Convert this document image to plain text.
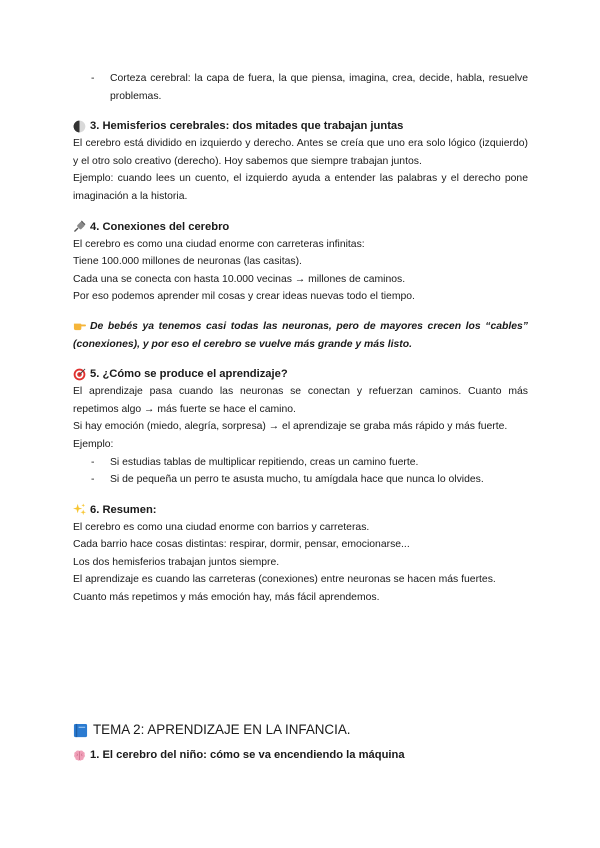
-	Corteza cerebral: la capa de fuera, la que piensa, imagina, crea, decide, habla, resuelve problemas.
3. Hemisferios cerebrales: dos mitades que trabajan juntas

El cerebro está dividido en izquierdo y derecho. Antes se creía que uno era solo lógico (izquierdo) y el otro solo creativo (derecho). Hoy sabemos que siempre trabajan juntos.

Ejemplo: cuando lees un cuento, el izquierdo ayuda a entender las palabras y el derecho pone imaginación a la historia.

4. Conexiones del cerebro

El cerebro es como una ciudad enorme con carreteras infinitas:

Tiene 100.000 millones de neuronas (las casitas).

Cada una se conecta con hasta 10.000 vecinas → millones de caminos.

Por eso podemos aprender mil cosas y crear ideas nuevas todo el tiempo.

De bebés ya tenemos casi todas las neuronas, pero de mayores crecen los “cables” (conexiones), y por eso el cerebro se vuelve más grande y más listo.

5. ¿Cómo se produce el aprendizaje?

El aprendizaje pasa cuando las neuronas se conectan y refuerzan caminos. Cuanto más repetimos algo → más fuerte se hace el camino.

Si hay emoción (miedo, alegría, sorpresa) → el aprendizaje se graba más rápido y más fuerte.

Ejemplo:

-	Si estudias tablas de multiplicar repitiendo, creas un camino fuerte.
-	Si de pequeña un perro te asusta mucho, tu amígdala hace que nunca lo olvides.
6. Resumen:

El cerebro es como una ciudad enorme con barrios y carreteras.

Cada barrio hace cosas distintas: respirar, dormir, pensar, emocionarse...

Los dos hemisferios trabajan juntos siempre.

El aprendizaje es cuando las carreteras (conexiones) entre neuronas se hacen más fuertes.

Cuanto más repetimos y más emoción hay, más fácil aprendemos.

TEMA 2: APRENDIZAJE EN LA INFANCIA.
1. El cerebro del niño: cómo se va encendiendo la máquina
